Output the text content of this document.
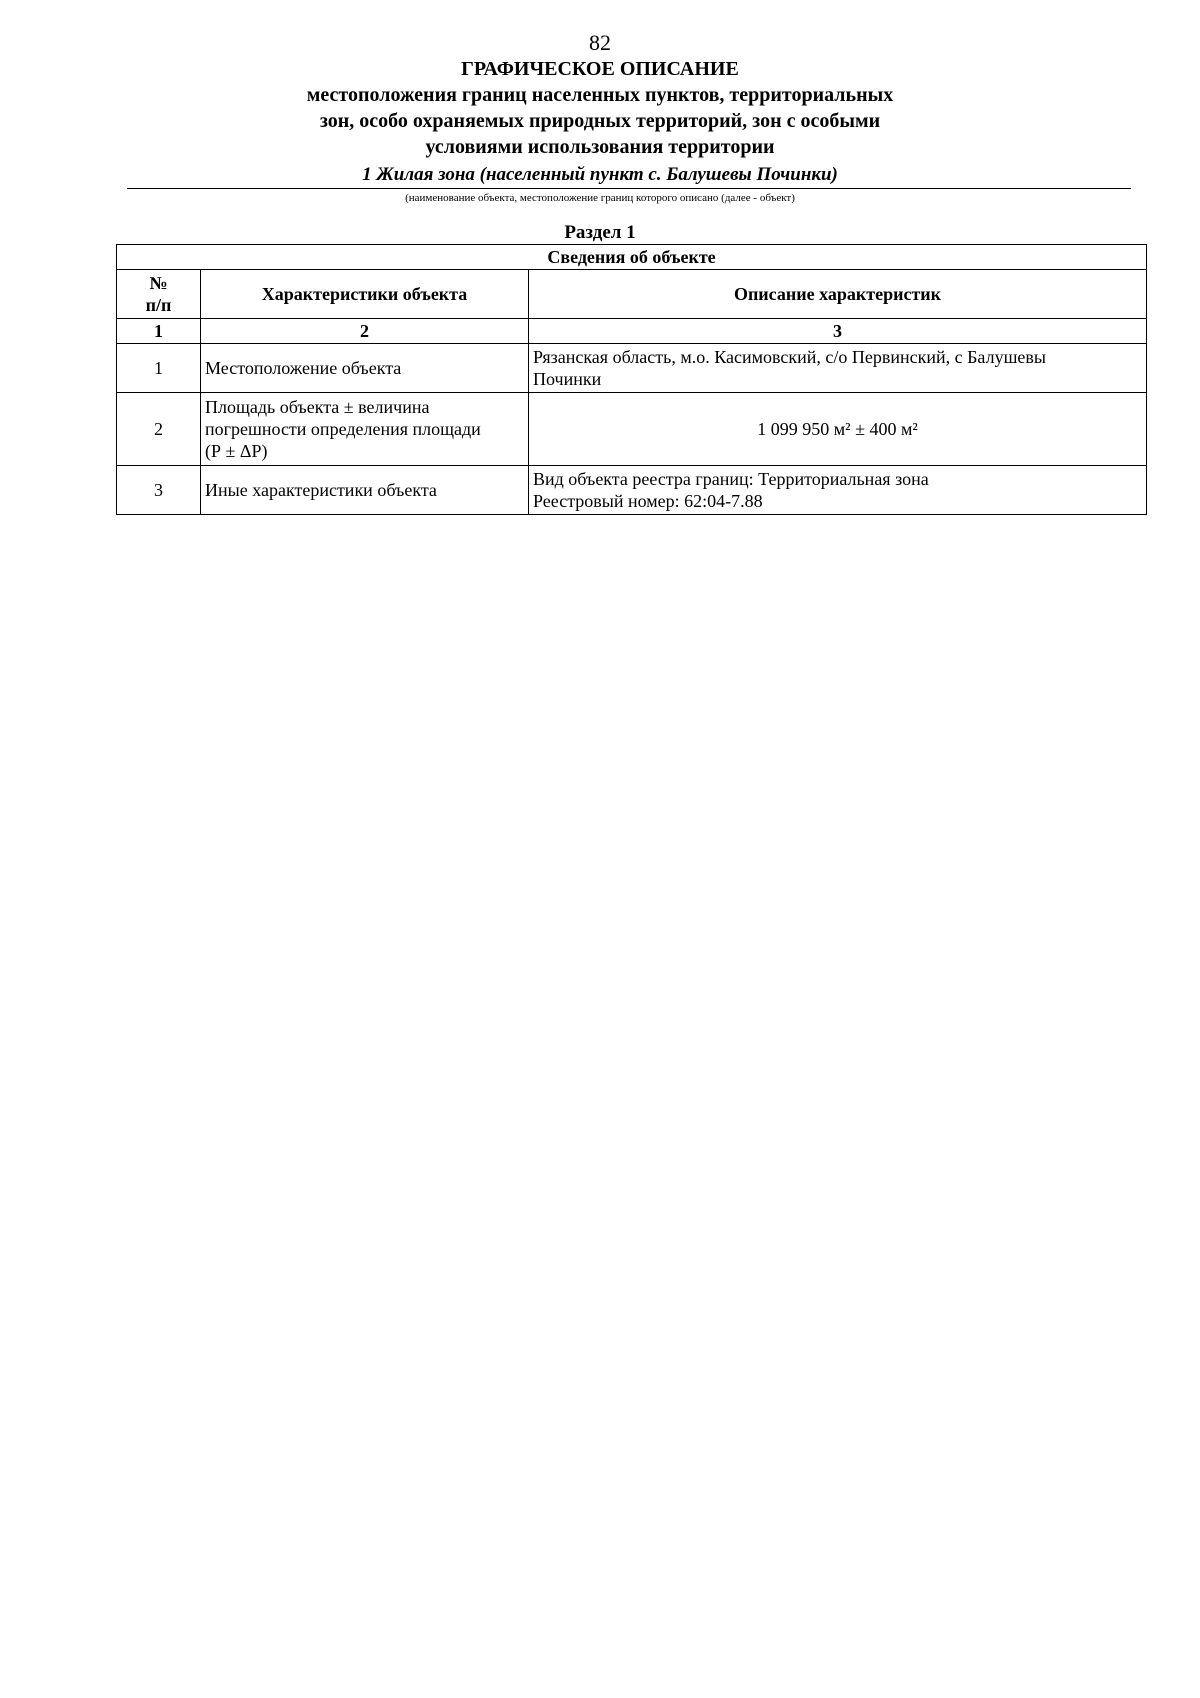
82
ГРАФИЧЕСКОЕ ОПИСАНИЕ
местоположения границ населенных пунктов, территориальных
зон, особо охраняемых природных территорий, зон с особыми
условиями использования территории
1 Жилая зона (населенный пункт с. Балушевы Починки)
(наименование объекта, местоположение границ которого описано (далее - объект)
Раздел 1
Сведения об объекте		

№
п/п	Характеристики объекта	Описание характеристик
1	2	3
1	Местоположение объекта	Рязанская область, м.о. Касимовский, с/о Первинский, с Балушевы
Починки

2	Площадь объекта ± величина
погрешности определения площади
(Р ± ΔР)	1 099 950 м² ± 400 м²
3	Иные характеристики объекта	Вид объекта реестра границ: Территориальная зона
Реестровый номер: 62:04-7.88
